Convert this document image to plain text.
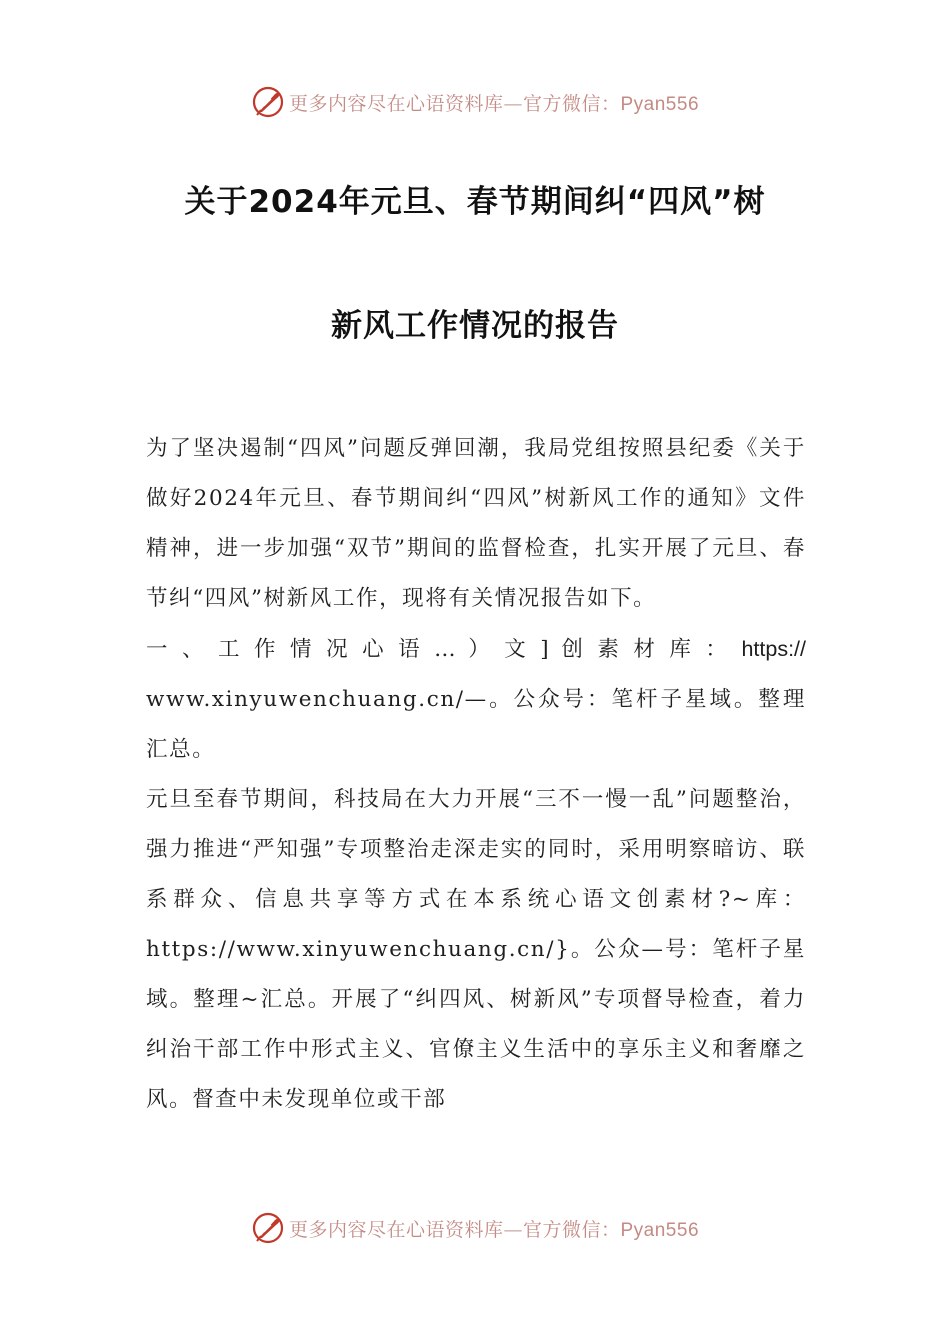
更多内容尽在心语资料库—官方微信：Pyan556
关于2024年元旦、春节期间纠“四风”树
新风工作情况的报告

为了坚决遏制“四风”问题反弹回潮，我局党组按照县纪委《关于做好2024年元旦、春节期间纠“四风”树新风工作的通知》文件精神，进一步加强“双节”期间的监督检查，扎实开展了元旦、春节纠“四风”树新风工作，现将有关情况报告如下。

一 、 工 作 情 况 心 语 … ） 文 ] 创 素 材 库 ： https://

www.xinyuwenchuang.cn/—。公众号：笔杆子星域。整理汇总。

元旦至春节期间，科技局在大力开展“三不一慢一乱”问题整治，强力推进“严知强”专项整治走深走实的同时，采用明察暗访、联系群众、信息共享等方式在本系统心语文创素材?~库：https://www.xinyuwenchuang.cn/}。公众—号：笔杆子星域。整理~汇总。开展了“纠四风、树新风”专项督导检查，着力纠治干部工作中形式主义、官僚主义生活中的享乐主义和奢靡之风。督查中未发现单位或干部

更多内容尽在心语资料库—官方微信：Pyan556
